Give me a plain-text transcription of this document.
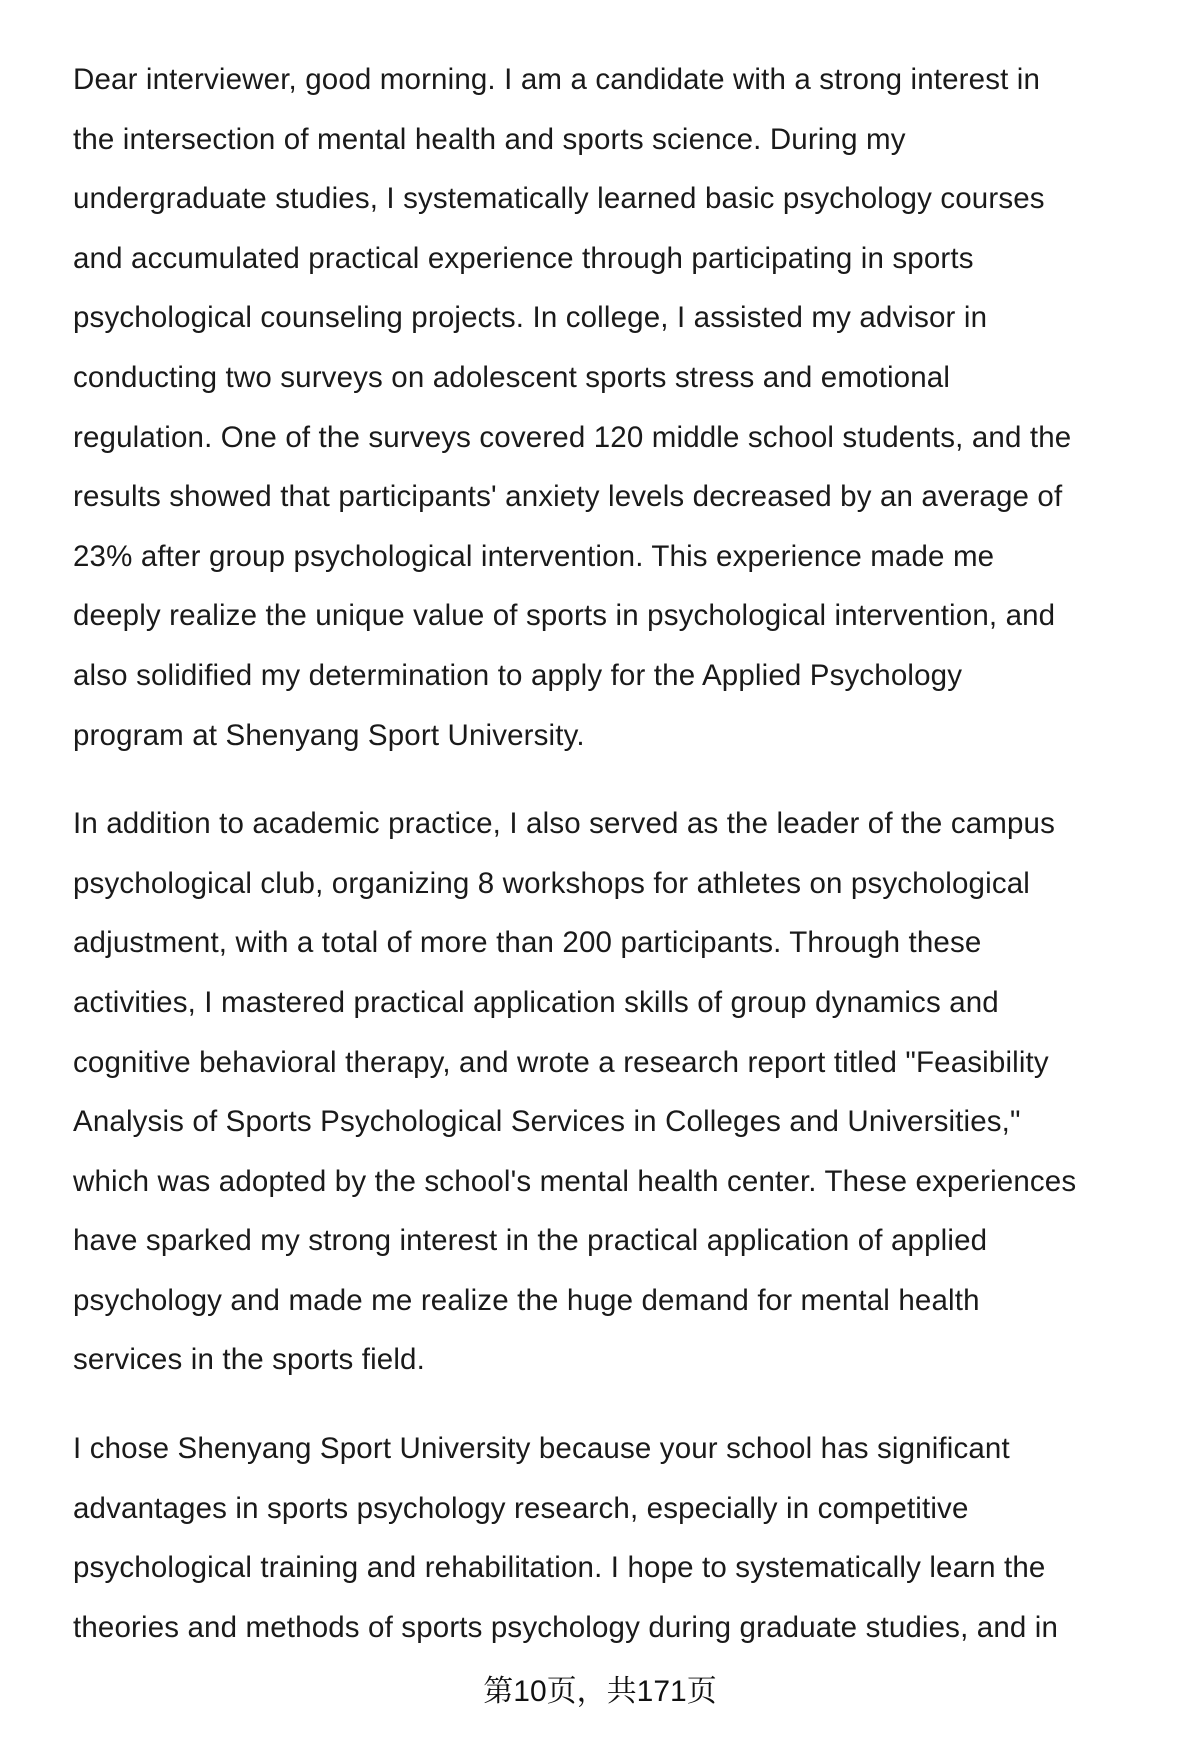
Dear interviewer, good morning. I am a candidate with a strong interest in
the intersection of mental health and sports science. During my
undergraduate studies, I systematically learned basic psychology courses
and accumulated practical experience through participating in sports
psychological counseling projects. In college, I assisted my advisor in
conducting two surveys on adolescent sports stress and emotional
regulation. One of the surveys covered 120 middle school students, and the
results showed that participants' anxiety levels decreased by an average of
23% after group psychological intervention. This experience made me
deeply realize the unique value of sports in psychological intervention, and
also solidified my determination to apply for the Applied Psychology
program at Shenyang Sport University.
In addition to academic practice, I also served as the leader of the campus
psychological club, organizing 8 workshops for athletes on psychological
adjustment, with a total of more than 200 participants. Through these
activities, I mastered practical application skills of group dynamics and
cognitive behavioral therapy, and wrote a research report titled "Feasibility
Analysis of Sports Psychological Services in Colleges and Universities,"
which was adopted by the school's mental health center. These experiences
have sparked my strong interest in the practical application of applied
psychology and made me realize the huge demand for mental health
services in the sports field.
I chose Shenyang Sport University because your school has significant
advantages in sports psychology research, especially in competitive
psychological training and rehabilitation. I hope to systematically learn the
theories and methods of sports psychology during graduate studies, and in
第10页，共171页
